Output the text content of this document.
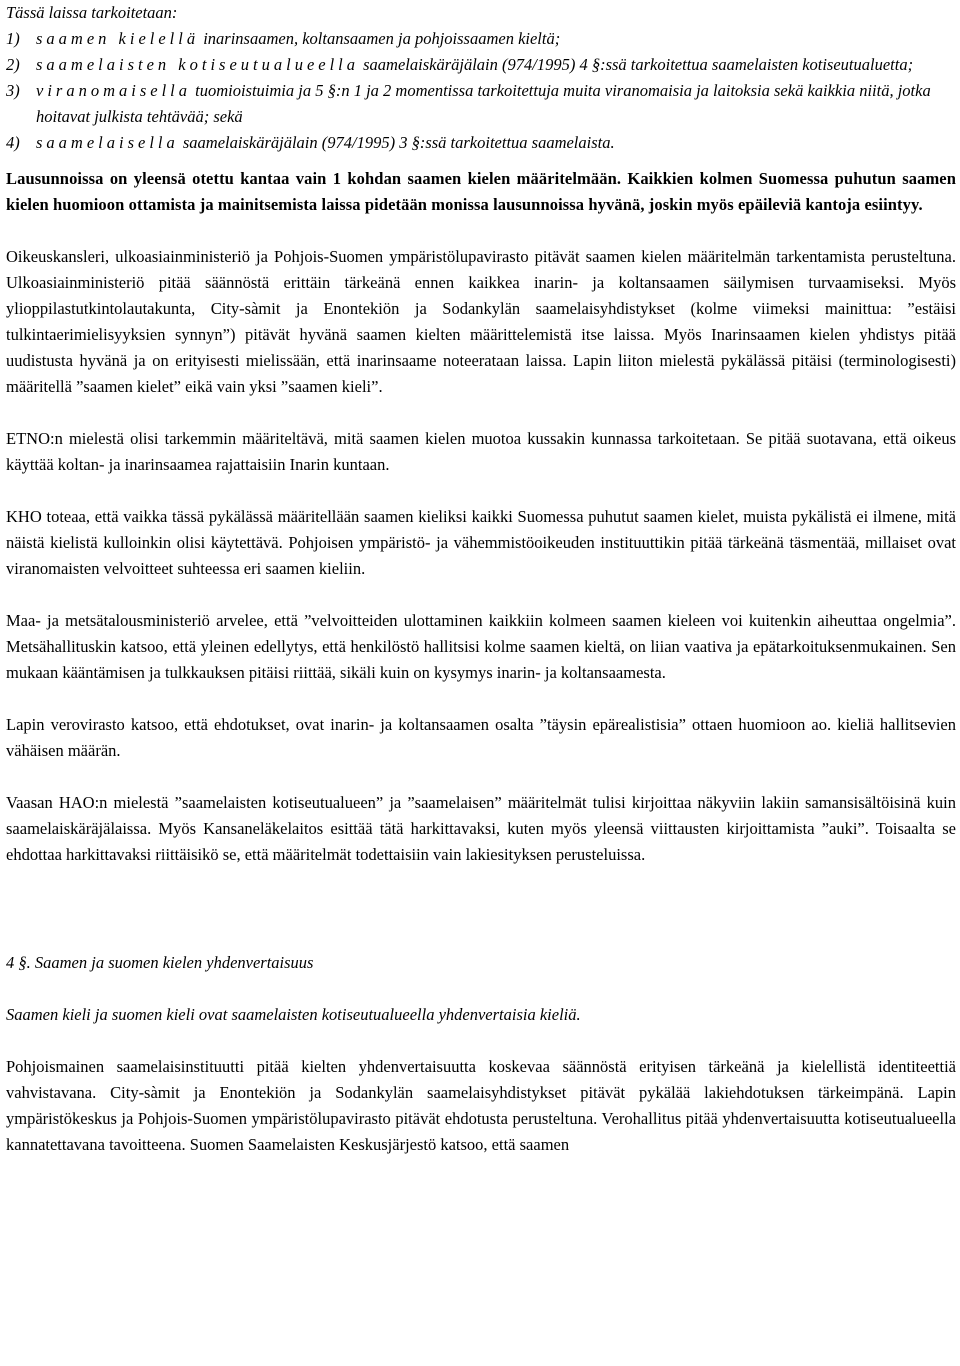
Tässä laissa tarkoitetaan:

1) saamen kielellä inarinsaamen, koltansaamen ja pohjoissaamen kieltä;
2) saamelaisten kotiseutualueella saamelaiskäräjälain (974/1995) 4 §:ssä tarkoitettua saamelaisten kotiseutualuetta;
3) viranomaisella tuomioistuimia ja 5 §:n 1 ja 2 momentissa tarkoitettuja muita viranomaisia ja laitoksia sekä kaikkia niitä, jotka hoitavat julkista tehtävää; sekä
4) saamelaisella saamelaiskäräjälain (974/1995) 3 §:ssä tarkoitettua saamelaista.

Lausunnoissa on yleensä otettu kantaa vain 1 kohdan saamen kielen määritelmään. Kaikkien kolmen Suomessa puhutun saamen kielen huomioon ottamista ja mainitsemista laissa pidetään monissa lausunnoissa hyvänä, joskin myös epäileviä kantoja esiintyy.

Oikeuskansleri, ulkoasiainministeriö ja Pohjois-Suomen ympäristölupavirasto pitävät saamen kielen määritelmän tarkentamista perusteltuna. Ulkoasiainministeriö pitää säännöstä erittäin tärkeänä ennen kaikkea inarin- ja koltansaamen säilymisen turvaamiseksi. Myös ylioppilastutkintolautakunta, City-sàmit ja Enontekiön ja Sodankylän saamelaisyhdistykset (kolme viimeksi mainittua: ”estäisi tulkintaerimielisyyksien synnyn”) pitävät hyvänä saamen kielten määrittelemistä itse laissa. Myös Inarinsaamen kielen yhdistys pitää uudistusta hyvänä ja on erityisesti mielissään, että inarinsaame noteerataan laissa. Lapin liiton mielestä pykälässä pitäisi (terminologisesti) määritellä ”saamen kielet” eikä vain yksi ”saamen kieli”.

ETNO:n mielestä olisi tarkemmin määriteltävä, mitä saamen kielen muotoa kussakin kunnassa tarkoitetaan. Se pitää suotavana, että oikeus käyttää koltan- ja inarinsaamea rajattaisiin Inarin kuntaan.

KHO toteaa, että vaikka tässä pykälässä määritellään saamen kieliksi kaikki Suomessa puhutut saamen kielet, muista pykälistä ei ilmene, mitä näistä kielistä kulloinkin olisi käytettävä. Pohjoisen ympäristö- ja vähemmistöoikeuden instituuttikin pitää tärkeänä täsmentää, millaiset ovat viranomaisten velvoitteet suhteessa eri saamen kieliin.

Maa- ja metsätalousministeriö arvelee, että ”velvoitteiden ulottaminen kaikkiin kolmeen saamen kieleen voi kuitenkin aiheuttaa ongelmia”. Metsähallituskin katsoo, että yleinen edellytys, että henkilöstö hallitsisi kolme saamen kieltä, on liian vaativa ja epätarkoituksenmukainen. Sen mukaan kääntämisen ja tulkkauksen pitäisi riittää, sikäli kuin on kysymys inarin- ja koltansaamesta.

Lapin verovirasto katsoo, että ehdotukset, ovat inarin- ja koltansaamen osalta ”täysin epärealistisia” ottaen huomioon ao. kieliä hallitsevien vähäisen määrän.

Vaasan HAO:n mielestä ”saamelaisten kotiseutualueen” ja ”saamelaisen” määritelmät tulisi kirjoittaa näkyviin lakiin samansisältöisinä kuin saamelaiskäräjälaissa. Myös Kansaneläkelaitos esittää tätä harkittavaksi, kuten myös yleensä viittausten kirjoittamista ”auki”. Toisaalta se ehdottaa harkittavaksi riittäisikö se, että määritelmät todettaisiin vain lakiesityksen perusteluissa.

4 §. Saamen ja suomen kielen yhdenvertaisuus

Saamen kieli ja suomen kieli ovat saamelaisten kotiseutualueella yhdenvertaisia kieliä.

Pohjoismainen saamelaisinstituutti pitää kielten yhdenvertaisuutta koskevaa säännöstä erityisen tärkeänä ja kielellistä identiteettiä vahvistavana. City-sàmit ja Enontekiön ja Sodankylän saamelaisyhdistykset pitävät pykälää lakiehdotuksen tärkeimpänä. Lapin ympäristökeskus ja Pohjois-Suomen ympäristölupavirasto pitävät ehdotusta perusteltuna. Verohallitus pitää yhdenvertaisuutta kotiseutualueella kannatettavana tavoitteena. Suomen Saamelaisten Keskusjärjestö katsoo, että saamen
